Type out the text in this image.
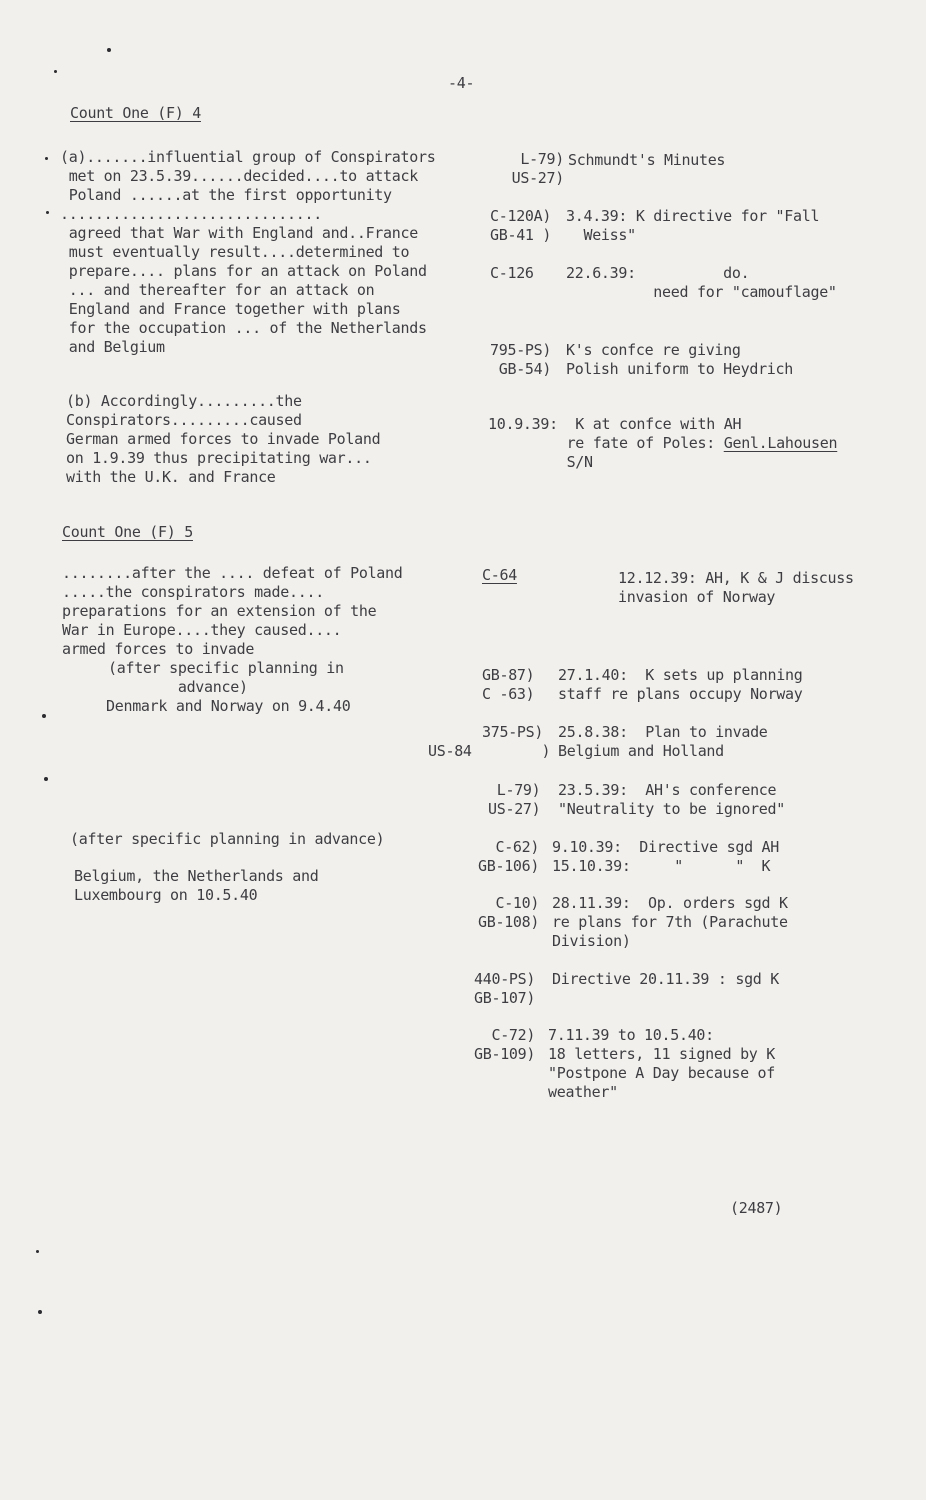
-4-
Count One (F) 4
(a).......influential group of Conspirators
met on 23.5.39......decided....to attack
Poland ......at the first opportunity
..............................
agreed that War with England and..France
must eventually result....determined to
prepare.... plans for an attack on Poland
... and thereafter for an attack on
England and France together with plans
for the occupation ... of the Netherlands
and Belgium
(b) Accordingly.........the
Conspirators.........caused
German armed forces to invade Poland
on 1.9.39 thus precipitating war...
with the U.K. and France
L-79)
US-27)
Schmundt's Minutes
C-120A)
GB-41 )
3.4.39: K directive for "Fall
Weiss"
C-126 22.6.39:          do.
need for "camouflage"
795-PS)
GB-54)
K's confce re giving
Polish uniform to Heydrich
10.9.39:  K at confce with AH
re fate of Poles: Genl.Lahousen
S/N
Count One (F) 5
........after the .... defeat of Poland
.....the conspirators made....
preparations for an extension of the
War in Europe....they caused....
armed forces to invade
(after specific planning in
advance)
Denmark and Norway on 9.4.40
(after specific planning in advance)
Belgium, the Netherlands and
Luxembourg on 10.5.40
C-64	12.12.39: AH, K & J discuss
invasion of Norway
GB-87)
C -63)
27.1.40:  K sets up planning
staff re plans occupy Norway
375-PS)
US-84        )
25.8.38:  Plan to invade
Belgium and Holland
L-79)
US-27)
23.5.39:  AH's conference
"Neutrality to be ignored"
C-62)
GB-106)
9.10.39:  Directive sgd AH
15.10.39:     "      "  K
C-10)
GB-108)
28.11.39:  Op. orders sgd K
re plans for 7th (Parachute
Division)
440-PS)
GB-107)
Directive 20.11.39 : sgd K
C-72)
GB-109)
7.11.39 to 10.5.40:
18 letters, 11 signed by K
"Postpone A Day because of
weather"
(2487)
